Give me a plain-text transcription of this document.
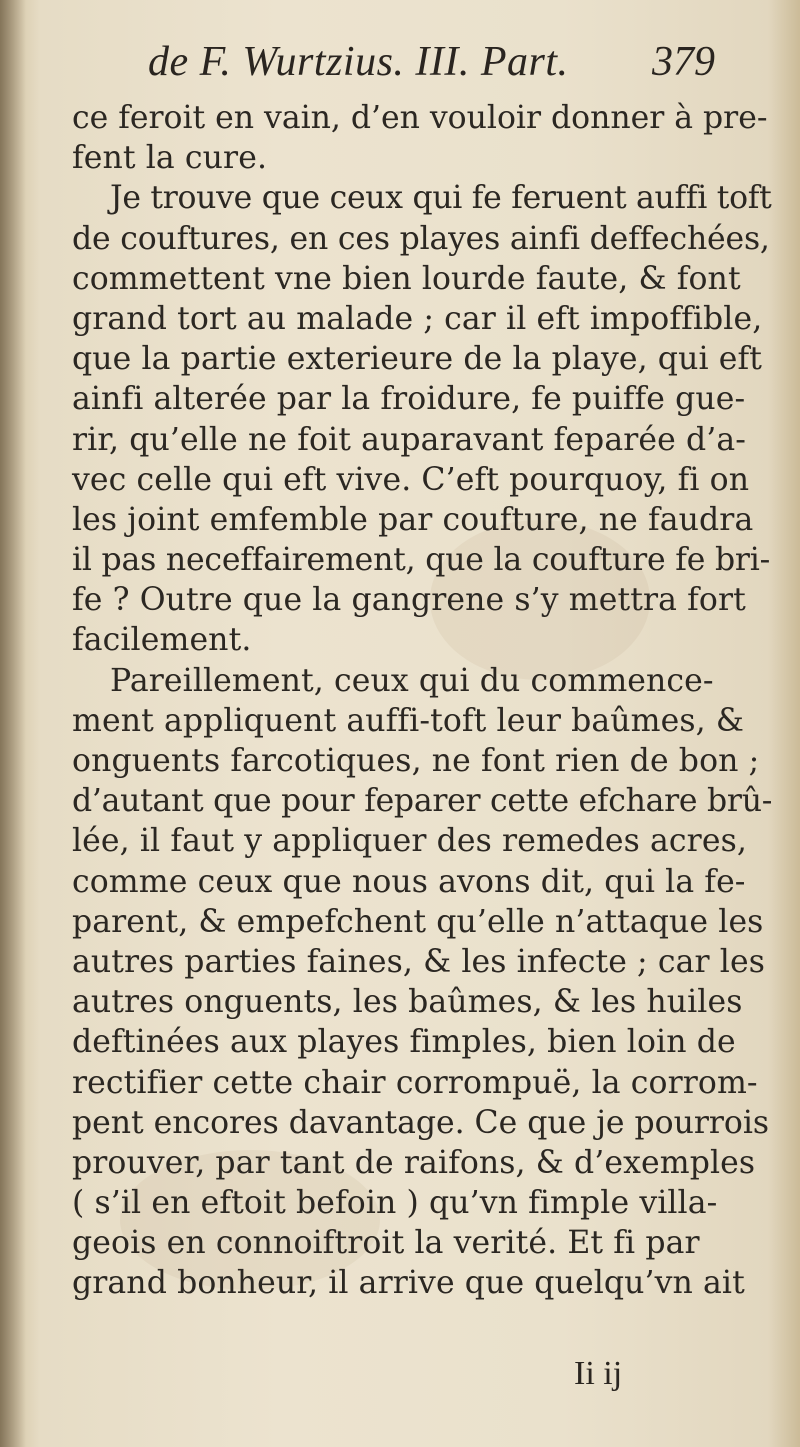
de F. Wurtzius. III. Part. 379
ce feroit en vain, d’en vouloir donner à pre-
fent la cure.
Je trouve que ceux qui fe feruent auffi toft
de couftures, en ces playes ainfi deffechées,
commettent vne bien lourde faute, & font
grand tort au malade ; car il eft impoffible,
que la partie exterieure de la playe, qui eft
ainfi alterée par la froidure, fe puiffe gue-
rir, qu’elle ne foit auparavant feparée d’a-
vec celle qui eft vive. C’eft pourquoy, fi on
les joint emfemble par coufture, ne faudra
il pas neceffairement, que la coufture fe bri-
fe ? Outre que la gangrene s’y mettra fort
facilement.
Pareillement, ceux qui du commence-
ment appliquent auffi-toft leur baûmes, &
onguents farcotiques, ne font rien de bon ;
d’autant que pour feparer cette efchare brû-
lée, il faut y appliquer des remedes acres,
comme ceux que nous avons dit, qui la fe-
parent, & empefchent qu’elle n’attaque les
autres parties faines, & les infecte ; car les
autres onguents, les baûmes, & les huiles
deftinées aux playes fimples, bien loin de
rectifier cette chair corrompuë, la corrom-
pent encores davantage. Ce que je pourrois
prouver, par tant de raifons, & d’exemples
( s’il en eftoit befoin ) qu’vn fimple villa-
geois en connoiftroit la verité. Et fi par
grand bonheur, il arrive que quelqu’vn ait
Ii ij
